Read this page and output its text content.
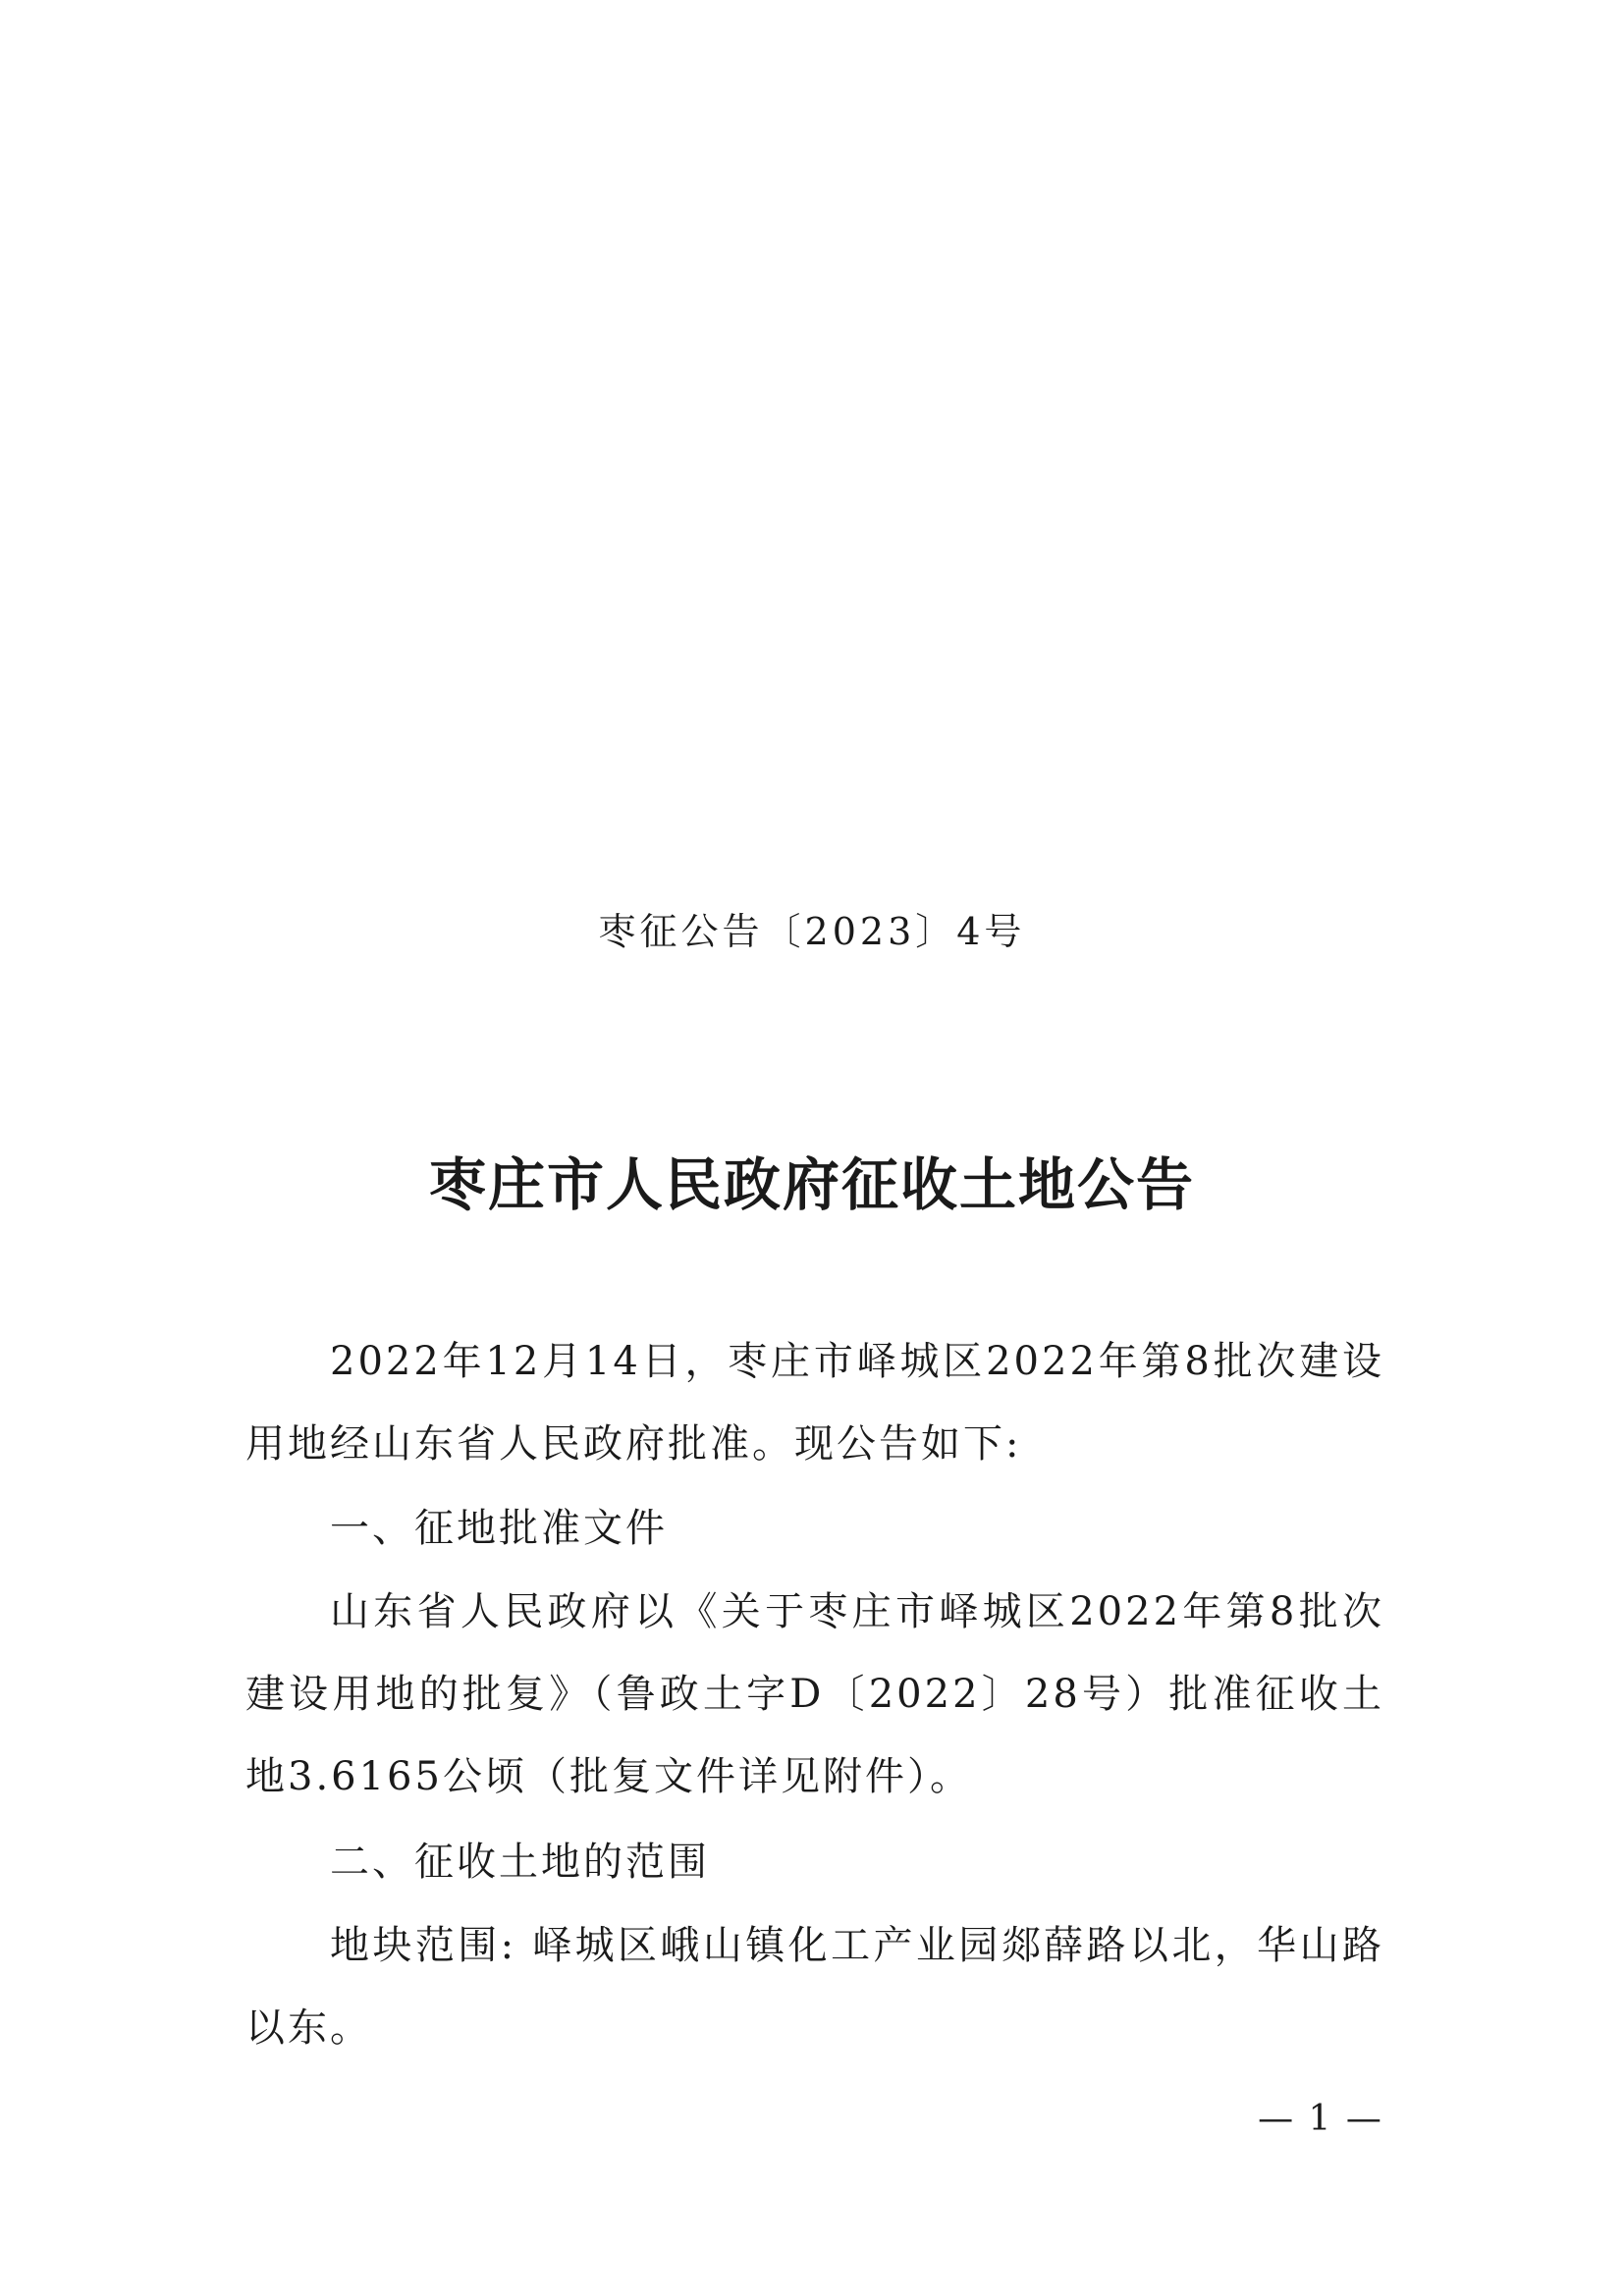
枣征公告〔2023〕4号
枣庄市人民政府征收土地公告

2022年12月14日，枣庄市峄城区2022年第8批次建设用地经山东省人民政府批准。现公告如下:

一、征地批准文件

山东省人民政府以《关于枣庄市峄城区2022年第8批次建设用地的批复》（鲁政土字D〔2022〕28号）批准征收土地3.6165公顷（批复文件详见附件）。

二、征收土地的范围

地块范围: 峄城区峨山镇化工产业园郯薛路以北，华山路以东。

— 1 —
